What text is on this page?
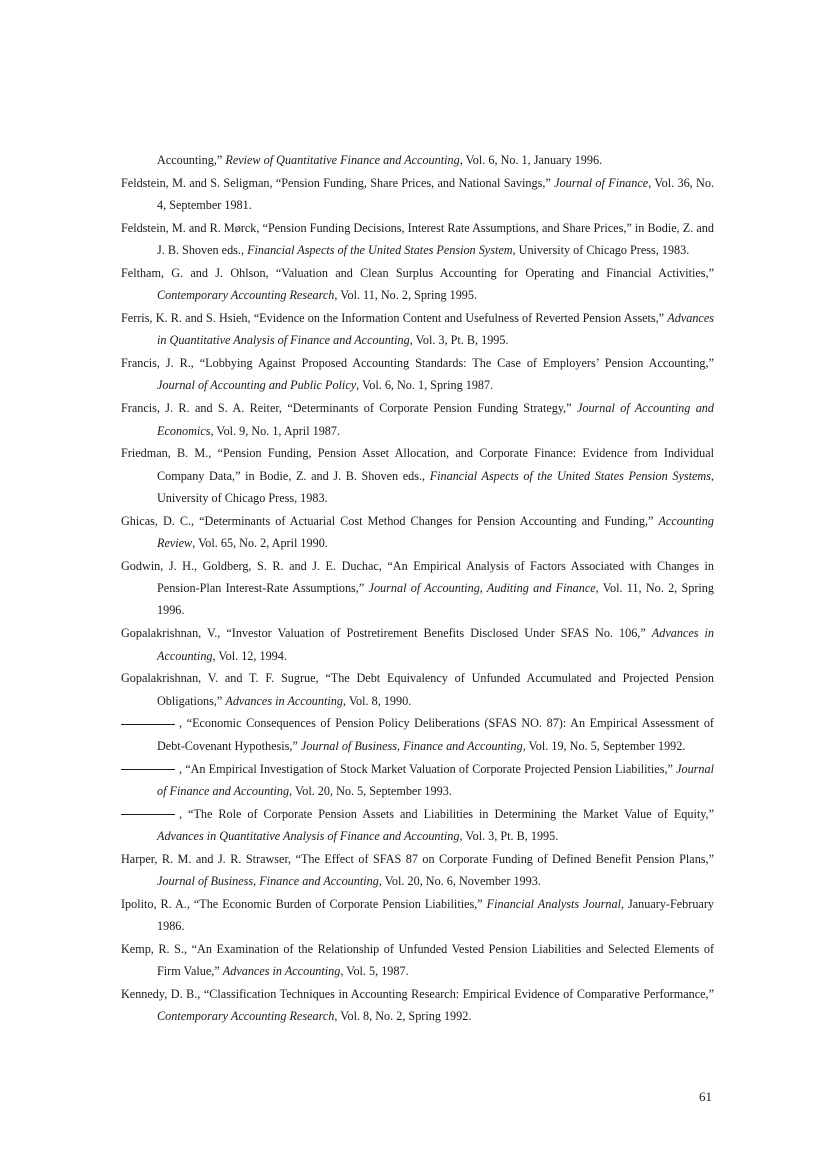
Accounting,” Review of Quantitative Finance and Accounting, Vol. 6, No. 1, January 1996.

Feldstein, M. and S. Seligman, “Pension Funding, Share Prices, and National Savings,” Journal of Finance, Vol. 36, No. 4, September 1981.

Feldstein, M. and R. Mørck, “Pension Funding Decisions, Interest Rate Assumptions, and Share Prices,” in Bodie, Z. and J. B. Shoven eds., Financial Aspects of the United States Pension System, University of Chicago Press, 1983.

Feltham, G. and J. Ohlson, “Valuation and Clean Surplus Accounting for Operating and Financial Activities,” Contemporary Accounting Research, Vol. 11, No. 2, Spring 1995.

Ferris, K. R. and S. Hsieh, “Evidence on the Information Content and Usefulness of Reverted Pension Assets,” Advances in Quantitative Analysis of Finance and Accounting, Vol. 3, Pt. B, 1995.

Francis, J. R., “Lobbying Against Proposed Accounting Standards: The Case of Employers’ Pension Accounting,” Journal of Accounting and Public Policy, Vol. 6, No. 1, Spring 1987.

Francis, J. R. and S. A. Reiter, “Determinants of Corporate Pension Funding Strategy,” Journal of Accounting and Economics, Vol. 9, No. 1, April 1987.

Friedman, B. M., “Pension Funding, Pension Asset Allocation, and Corporate Finance: Evidence from Individual Company Data,” in Bodie, Z. and J. B. Shoven eds., Financial Aspects of the United States Pension Systems, University of Chicago Press, 1983.

Ghicas, D. C., “Determinants of Actuarial Cost Method Changes for Pension Accounting and Funding,” Accounting Review, Vol. 65, No. 2, April 1990.

Godwin, J. H., Goldberg, S. R. and J. E. Duchac, “An Empirical Analysis of Factors Associated with Changes in Pension-Plan Interest-Rate Assumptions,” Journal of Accounting, Auditing and Finance, Vol. 11, No. 2, Spring 1996.

Gopalakrishnan, V., “Investor Valuation of Postretirement Benefits Disclosed Under SFAS No. 106,” Advances in Accounting, Vol. 12, 1994.

Gopalakrishnan, V. and T. F. Sugrue, “The Debt Equivalency of Unfunded Accumulated and Projected Pension Obligations,” Advances in Accounting, Vol. 8, 1990.

, “Economic Consequences of Pension Policy Deliberations (SFAS NO. 87): An Empirical Assessment of Debt-Covenant Hypothesis,” Journal of Business, Finance and Accounting, Vol. 19, No. 5, September 1992.

, “An Empirical Investigation of Stock Market Valuation of Corporate Projected Pension Liabilities,” Journal of Finance and Accounting, Vol. 20, No. 5, September 1993.

, “The Role of Corporate Pension Assets and Liabilities in Determining the Market Value of Equity,” Advances in Quantitative Analysis of Finance and Accounting, Vol. 3, Pt. B, 1995.

Harper, R. M. and J. R. Strawser, “The Effect of SFAS 87 on Corporate Funding of Defined Benefit Pension Plans,” Journal of Business, Finance and Accounting, Vol. 20, No. 6, November 1993.

Ipolito, R. A., “The Economic Burden of Corporate Pension Liabilities,” Financial Analysts Journal, January-February 1986.

Kemp, R. S., “An Examination of the Relationship of Unfunded Vested Pension Liabilities and Selected Elements of Firm Value,” Advances in Accounting, Vol. 5, 1987.

Kennedy, D. B., “Classification Techniques in Accounting Research: Empirical Evidence of Comparative Performance,” Contemporary Accounting Research, Vol. 8, No. 2, Spring 1992.

61
